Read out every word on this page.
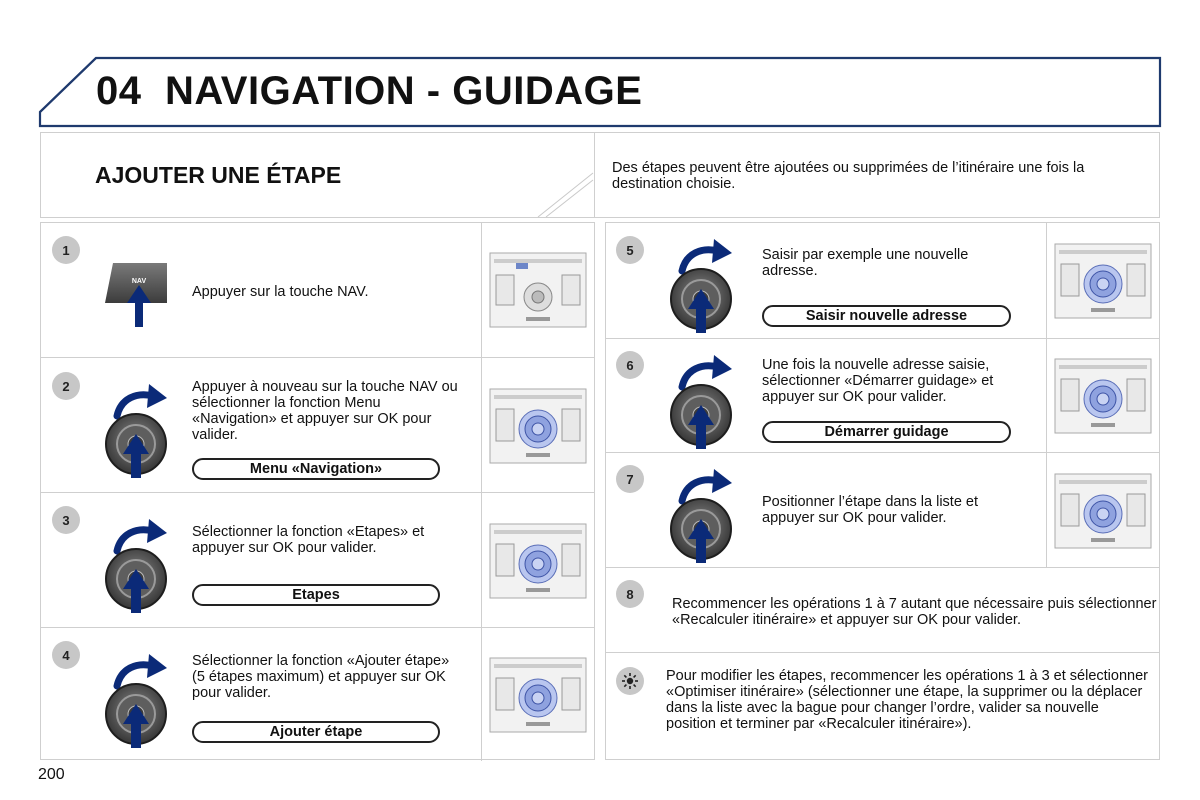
04 NAVIGATION - GUIDAGE
AJOUTER UNE ÉTAPE	Des étapes peuvent être ajoutées ou supprimées de l’itinéraire une fois la destination choisie.
1
NAV
Appuyer sur la touche NAV.
2	Appuyer à nouveau sur la touche NAV ou sélectionner la fonction Menu «Navigation» et appuyer sur OK pour valider.
Menu «Navigation»
3
Sélectionner la fonction «Etapes» et appuyer sur OK pour valider.
Etapes
4	Sélectionner la fonction «Ajouter étape» (5 étapes maximum) et appuyer sur OK pour valider.
Ajouter étape
5	Saisir par exemple une nouvelle adresse.
Saisir nouvelle adresse
6	Une fois la nouvelle adresse saisie, sélectionner «Démarrer guidage» et appuyer sur OK pour valider.
Démarrer guidage
7
Positionner l’étape dans la liste et appuyer sur OK pour valider.
8
Recommencer les opérations 1 à 7 autant que nécessaire puis sélectionner «Recalculer itinéraire» et appuyer sur OK pour valider.
Pour modifier les étapes, recommencer les opérations 1 à 3 et sélectionner «Optimiser itinéraire» (sélectionner une étape, la supprimer ou la déplacer dans la liste avec la bague pour changer l’ordre, valider sa nouvelle position et terminer par «Recalculer itinéraire»).
200
